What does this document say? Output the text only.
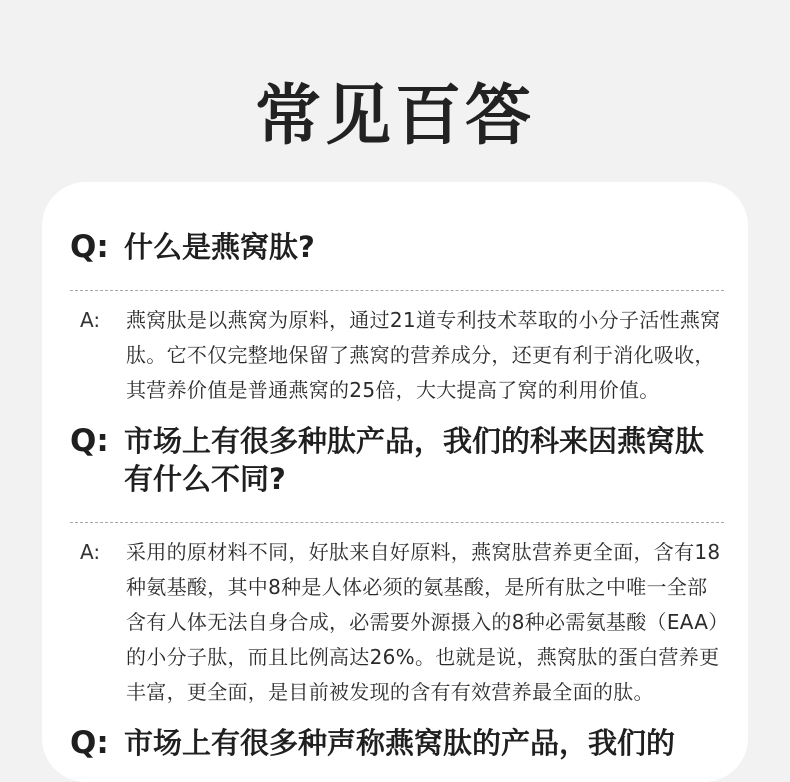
常见百答
Q: 什么是燕窝肽?
A:	燕窝肽是以燕窝为原料，通过21道专利技术萃取的小分子活性燕窝肽。它不仅完整地保留了燕窝的营养成分，还更有利于消化吸收，其营养价值是普通燕窝的25倍，大大提高了窝的利用价值。
Q: 市场上有很多种肽产品，我们的科来因燕窝肽有什么不同?
A:	采用的原材料不同，好肽来自好原料，燕窝肽营养更全面，含有18种氨基酸，其中8种是人体必须的氨基酸，是所有肽之中唯一全部含有人体无法自身合成，必需要外源摄入的8种必需氨基酸（EAA）的小分子肽，而且比例高达26%。也就是说，燕窝肽的蛋白营养更丰富，更全面，是目前被发现的含有有效营养最全面的肽。
Q: 市场上有很多种声称燕窝肽的产品，我们的
